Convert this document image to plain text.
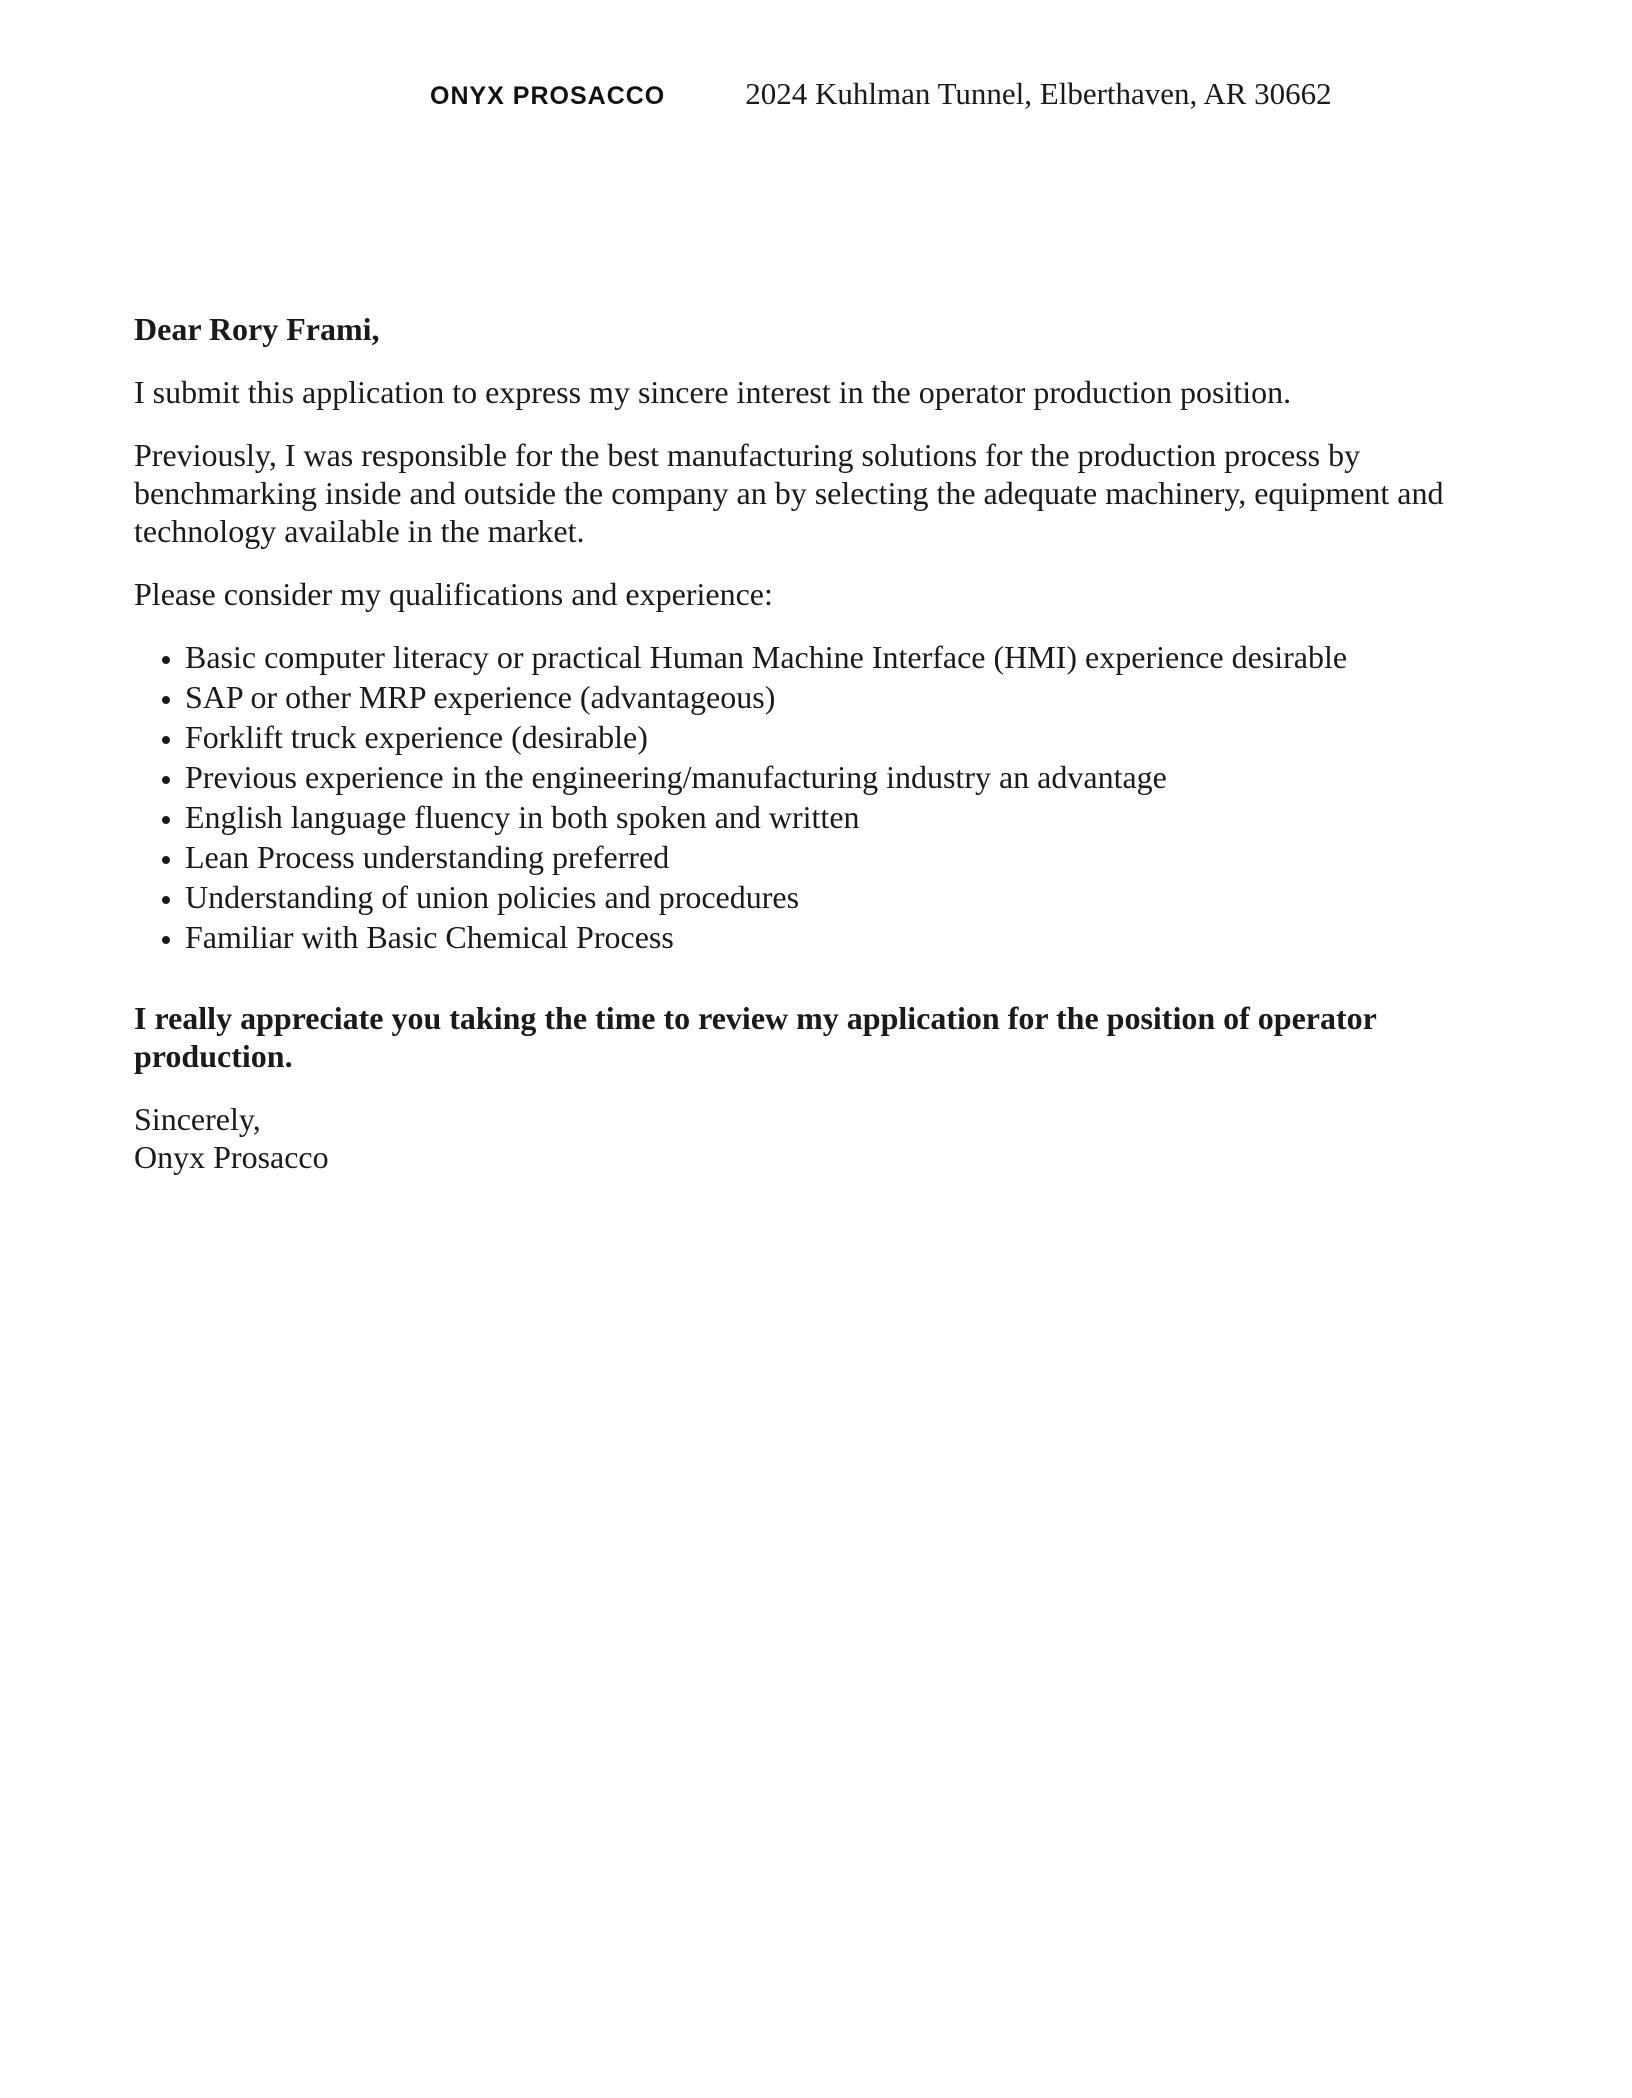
ONYX PROSACCO	2024 Kuhlman Tunnel, Elberthaven, AR 30662

Dear Rory Frami,

I submit this application to express my sincere interest in the operator production position.

Previously, I was responsible for the best manufacturing solutions for the production process by benchmarking inside and outside the company an by selecting the adequate machinery, equipment and technology available in the market.

Please consider my qualifications and experience:

• Basic computer literacy or practical Human Machine Interface (HMI) experience desirable
• SAP or other MRP experience (advantageous)
• Forklift truck experience (desirable)
• Previous experience in the engineering/manufacturing industry an advantage
• English language fluency in both spoken and written
• Lean Process understanding preferred
• Understanding of union policies and procedures
• Familiar with Basic Chemical Process

I really appreciate you taking the time to review my application for the position of operator production.

Sincerely,
Onyx Prosacco
